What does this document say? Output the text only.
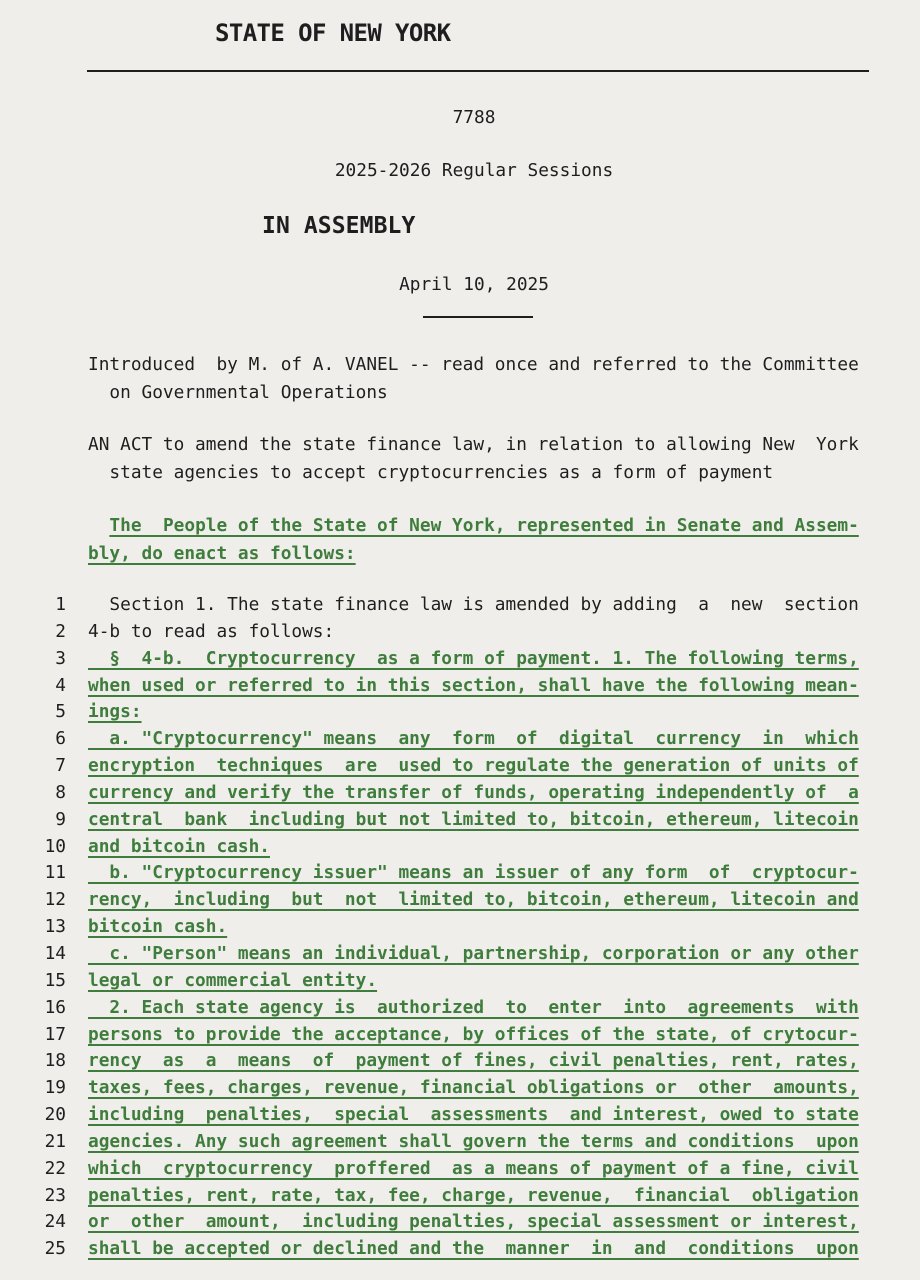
STATE OF NEW YORK
7788
2025-2026 Regular Sessions
IN ASSEMBLY
April 10, 2025
Introduced  by M. of A. VANEL -- read once and referred to the Committee
on Governmental Operations
AN ACT to amend the state finance law, in relation to allowing New  York
state agencies to accept cryptocurrencies as a form of payment
The  People of the State of New York, represented in Senate and Assem-
bly, do enact as follows:
1 Section 1. The state finance law is amended by adding  a  new  section
2 4-b to read as follows:
3 §  4-b.  Cryptocurrency  as a form of payment. 1. The following terms,
4 when used or referred to in this section, shall have the following mean-
5 ings:
6 a. "Cryptocurrency" means  any  form  of  digital  currency  in  which
7 encryption  techniques  are  used to regulate the generation of units of
8 currency and verify the transfer of funds, operating independently of  a
9 central  bank  including but not limited to, bitcoin, ethereum, litecoin
10 and bitcoin cash.
11 b. "Cryptocurrency issuer" means an issuer of any form  of  cryptocur-
12 rency,  including  but  not  limited to, bitcoin, ethereum, litecoin and
13 bitcoin cash.
14 c. "Person" means an individual, partnership, corporation or any other
15 legal or commercial entity.
16 2. Each state agency is  authorized  to  enter  into  agreements  with
17 persons to provide the acceptance, by offices of the state, of crytocur-
18 rency  as  a  means  of  payment of fines, civil penalties, rent, rates,
19 taxes, fees, charges, revenue, financial obligations or  other  amounts,
20 including  penalties,  special  assessments  and interest, owed to state
21 agencies. Any such agreement shall govern the terms and conditions  upon
22 which  cryptocurrency  proffered  as a means of payment of a fine, civil
23 penalties, rent, rate, tax, fee, charge, revenue,  financial  obligation
24 or  other  amount,  including penalties, special assessment or interest,
25 shall be accepted or declined and the  manner  in  and  conditions  upon
